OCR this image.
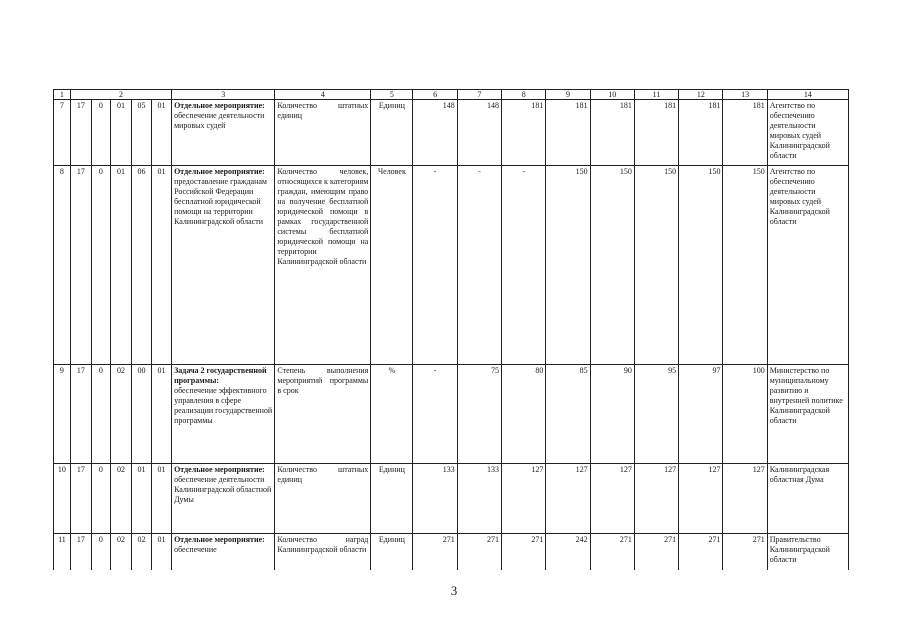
1	2					3	4	5	6	7	8	9	10	11	12	13	14
7	17	0	01	05	01	Отдельное мероприятие:
обеспечение деятельности мировых судей	Количество штатных единиц	Единиц	148	148	181	181	181	181	181	181	Агентство по обеспечению деятельности мировых судей Калининградской области
8	17	0	01	06	01	Отдельное мероприятие:
предоставление гражданам Российской Федерации бесплатной юридической помощи на территории Калининградской области	Количество человек, относящихся к категориям граждан, имеющим право на получение бесплатной юридической помощи в рамках государственной системы бесплатной юридической помощи на территории Калининградской области	Человек	-	-	-	150	150	150	150	150	Агентство по обеспечению деятельности мировых судей Калининградской области
9	17	0	02	00	01	Задача 2 государственной программы:
обеспечение эффективного управления в сфере реализации государственной программы	Степень выполнения мероприятий программы в срок	%	-	75	80	85	90	95	97	100	Министерство по муниципальному развитию и внутренней политике Калининградской области
10	17	0	02	01	01	Отдельное мероприятие:
обеспечение деятельности Калининградской областной Думы	Количество штатных единиц	Единиц	133	133	127	127	127	127	127	127	Калининградская областная Дума
11	17	0	02	02	01	Отдельное мероприятие:
обеспечение	Количество наград Калининградской области	Единиц	271	271	271	242	271	271	271	271	Правительство Калининградской области
3
